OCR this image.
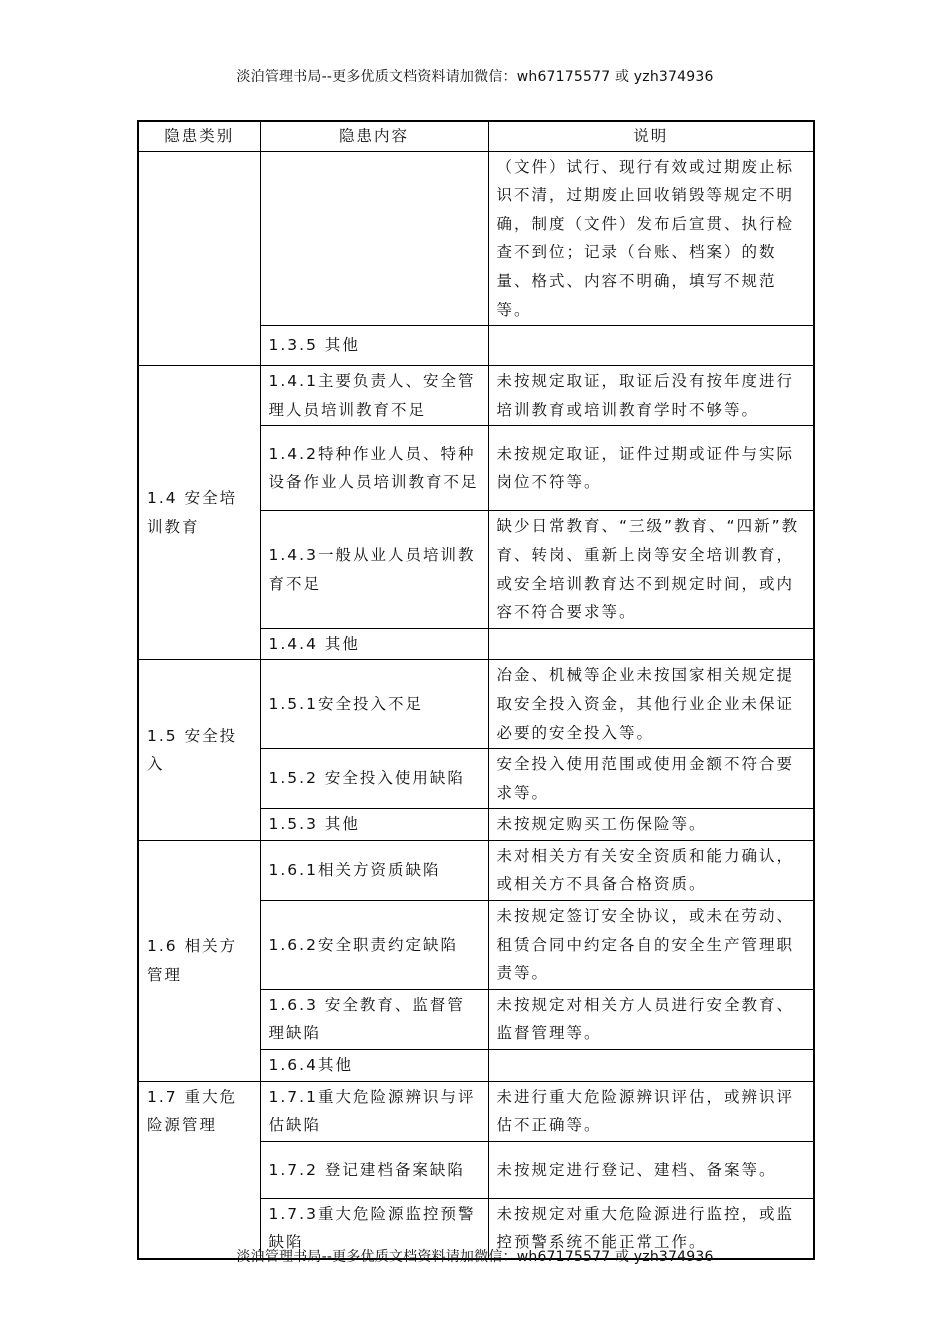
淡泊管理书局--更多优质文档资料请加微信：wh67175577 或 yzh374936
隐患类别	隐患内容	说明
		（文件）试行、现行有效或过期废止标识不清，过期废止回收销毁等规定不明确，制度（文件）发布后宣贯、执行检查不到位；记录（台账、档案）的数量、格式、内容不明确，填写不规范等。
	1.3.5 其他	
1.4 安全培训教育	1.4.1主要负责人、安全管理人员培训教育不足	未按规定取证，取证后没有按年度进行培训教育或培训教育学时不够等。
	1.4.2特种作业人员、特种设备作业人员培训教育不足	未按规定取证，证件过期或证件与实际岗位不符等。
	1.4.3一般从业人员培训教育不足	缺少日常教育、“三级”教育、“四新”教育、转岗、重新上岗等安全培训教育，或安全培训教育达不到规定时间，或内容不符合要求等。
	1.4.4 其他	
1.5 安全投入	1.5.1安全投入不足	冶金、机械等企业未按国家相关规定提取安全投入资金，其他行业企业未保证必要的安全投入等。
	1.5.2 安全投入使用缺陷	安全投入使用范围或使用金额不符合要求等。
	1.5.3 其他	未按规定购买工伤保险等。
1.6 相关方管理	1.6.1相关方资质缺陷	未对相关方有关安全资质和能力确认，或相关方不具备合格资质。
	1.6.2安全职责约定缺陷	未按规定签订安全协议，或未在劳动、租赁合同中约定各自的安全生产管理职责等。
	1.6.3 安全教育、监督管理缺陷	未按规定对相关方人员进行安全教育、监督管理等。
	1.6.4其他	
1.7 重大危险源管理	1.7.1重大危险源辨识与评估缺陷	未进行重大危险源辨识评估，或辨识评估不正确等。
	1.7.2 登记建档备案缺陷	未按规定进行登记、建档、备案等。
	1.7.3重大危险源监控预警缺陷	未按规定对重大危险源进行监控，或监控预警系统不能正常工作。
淡泊管理书局--更多优质文档资料请加微信：wh67175577 或 yzh374936
